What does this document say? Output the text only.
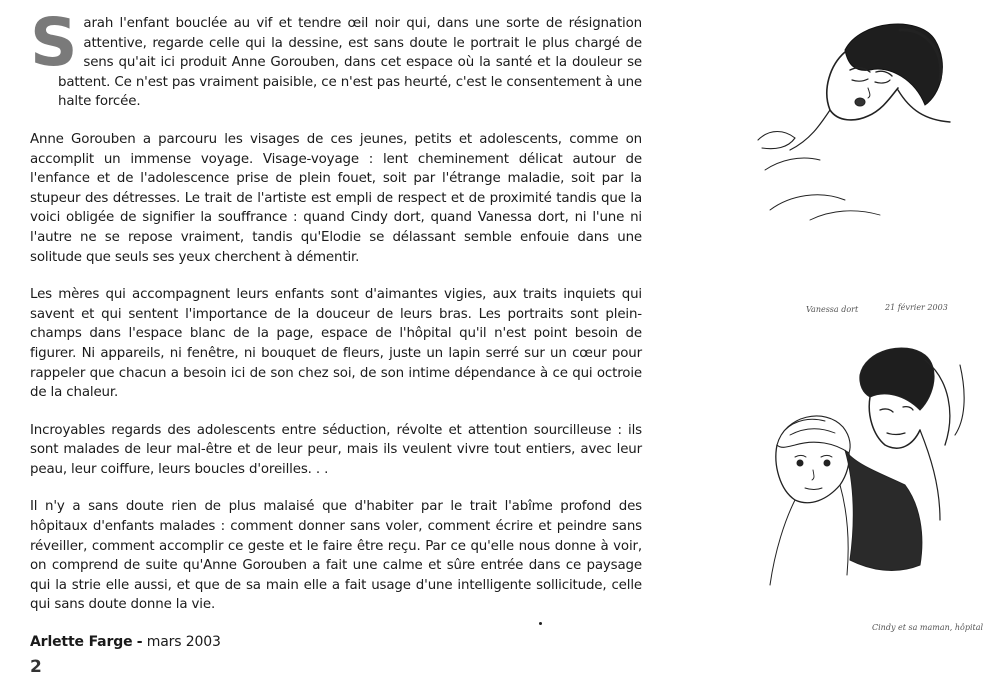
Sarah l'enfant bouclée au vif et tendre œil noir qui, dans une sorte de résignation attentive, regarde celle qui la dessine, est sans doute le portrait le plus chargé de sens qu'ait ici produit Anne Gorouben, dans cet espace où la santé et la douleur se battent. Ce n'est pas vraiment paisible, ce n'est pas heurté, c'est le consentement à une halte forcée.

Anne Gorouben a parcouru les visages de ces jeunes, petits et adolescents, comme on accomplit un immense voyage. Visage-voyage : lent cheminement délicat autour de l'enfance et de l'adolescence prise de plein fouet, soit par l'étrange maladie, soit par la stupeur des détresses. Le trait de l'artiste est empli de respect et de proximité tandis que la voici obligée de signifier la souffrance : quand Cindy dort, quand Vanessa dort, ni l'une ni l'autre ne se repose vraiment, tandis qu'Elodie se délassant semble enfouie dans une solitude que seuls ses yeux cherchent à démentir.

Les mères qui accompagnent leurs enfants sont d'aimantes vigies, aux traits inquiets qui savent et qui sentent l'importance de la douceur de leurs bras. Les portraits sont plein-champs dans l'espace blanc de la page, espace de l'hôpital qu'il n'est point besoin de figurer. Ni appareils, ni fenêtre, ni bouquet de fleurs, juste un lapin serré sur un cœur pour rappeler que chacun a besoin ici de son chez soi, de son intime dépendance à ce qui octroie de la chaleur.

Incroyables regards des adolescents entre séduction, révolte et attention sourcilleuse : ils sont malades de leur mal-être et de leur peur, mais ils veulent vivre tout entiers, avec leur peau, leur coiffure, leurs boucles d'oreilles. . .

Il n'y a sans doute rien de plus malaisé que d'habiter par le trait l'abîme profond des hôpitaux d'enfants malades : comment donner sans voler, comment écrire et peindre sans réveiller, comment accomplir ce geste et le faire être reçu. Par ce qu'elle nous donne à voir, on comprend de suite qu'Anne Gorouben a fait une calme et sûre entrée dans ce paysage qui la strie elle aussi, et que de sa main elle a fait usage d'une intelligente sollicitude, celle qui sans doute donne la vie.

Arlette Farge - mars 2003
2
Vanessa dort	21 février 2003
Cindy et sa maman, hôpital
